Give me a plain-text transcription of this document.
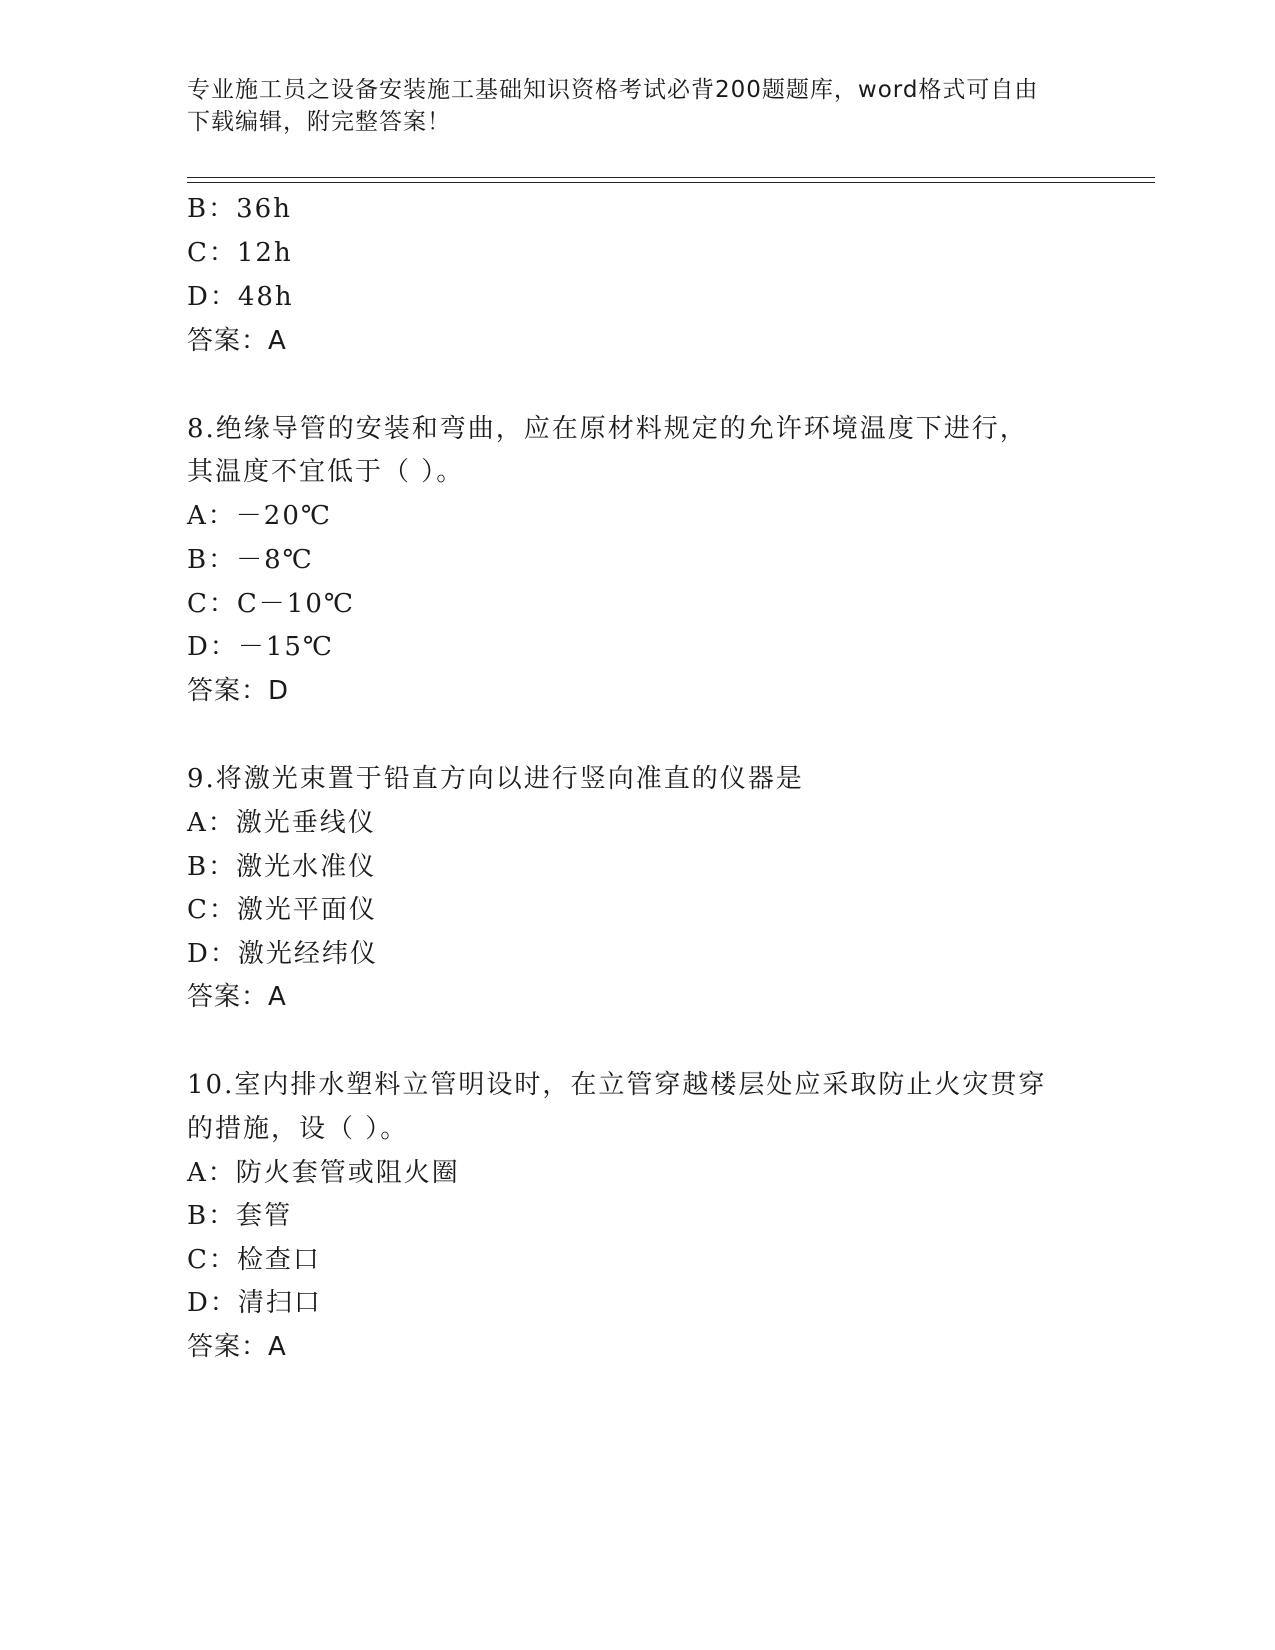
专业施工员之设备安装施工基础知识资格考试必背200题题库，word格式可自由
下载编辑，附完整答案！
B：36h
C：12h
D：48h
答案：A
8.绝缘导管的安装和弯曲，应在原材料规定的允许环境温度下进行，
其温度不宜低于（ ）。
A：－20℃
B：－8℃
C：C－10℃
D：－15℃
答案：D
9.将激光束置于铅直方向以进行竖向准直的仪器是
A：激光垂线仪
B：激光水准仪
C：激光平面仪
D：激光经纬仪
答案：A
10.室内排水塑料立管明设时，在立管穿越楼层处应采取防止火灾贯穿
的措施，设（ ）。
A：防火套管或阻火圈
B：套管
C：检查口
D：清扫口
答案：A
